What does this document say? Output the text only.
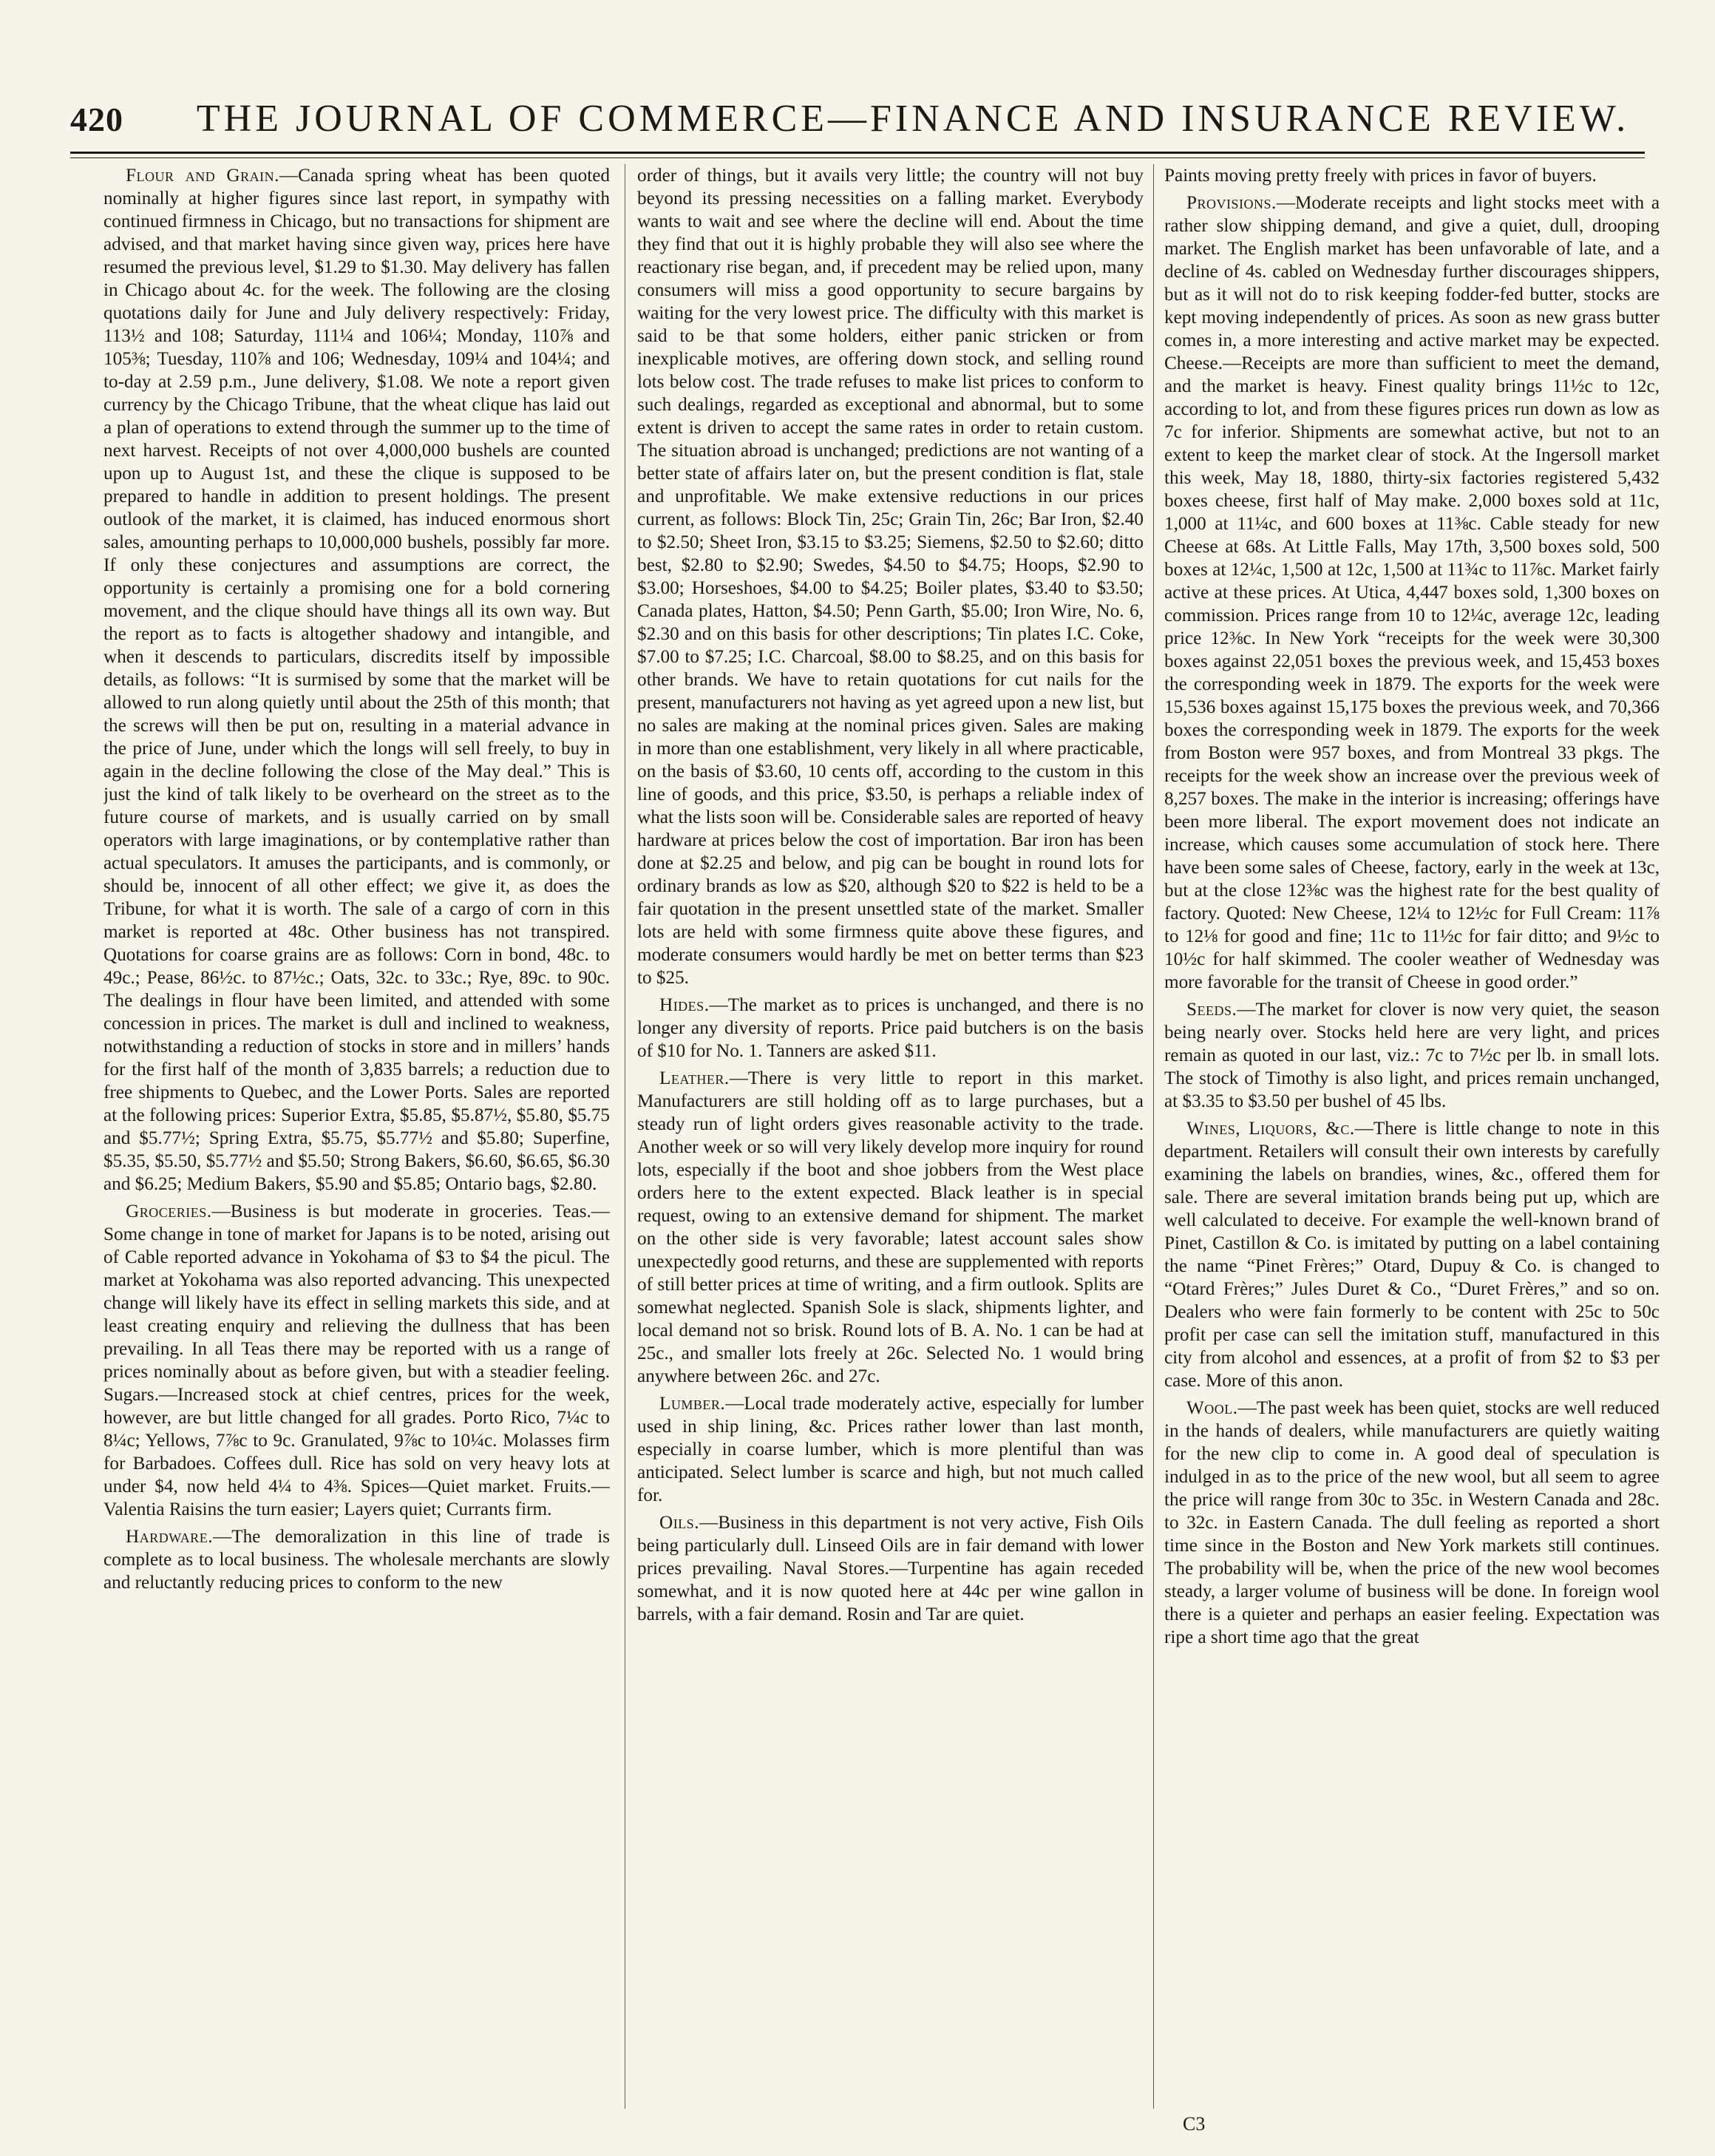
420	THE JOURNAL OF COMMERCE—FINANCE AND INSURANCE REVIEW.

Flour and Grain.—Canada spring wheat has been quoted nominally at higher figures since last report, in sympathy with continued firmness in Chicago, but no transactions for shipment are advised, and that market having since given way, prices here have resumed the previous level, $1.29 to $1.30. May delivery has fallen in Chicago about 4c. for the week. The following are the closing quotations daily for June and July delivery respectively: Friday, 113½ and 108; Saturday, 111¼ and 106¼; Monday, 110⅞ and 105⅜; Tuesday, 110⅞ and 106; Wednesday, 109¼ and 104¼; and to-day at 2.59 p.m., June delivery, $1.08. We note a report given currency by the Chicago Tribune, that the wheat clique has laid out a plan of operations to extend through the summer up to the time of next harvest. Receipts of not over 4,000,000 bushels are counted upon up to August 1st, and these the clique is supposed to be prepared to handle in addition to present holdings. The present outlook of the market, it is claimed, has induced enormous short sales, amounting perhaps to 10,000,000 bushels, possibly far more. If only these conjectures and assumptions are correct, the opportunity is certainly a promising one for a bold cornering movement, and the clique should have things all its own way. But the report as to facts is altogether shadowy and intangible, and when it descends to particulars, discredits itself by impossible details, as follows: “It is surmised by some that the market will be allowed to run along quietly until about the 25th of this month; that the screws will then be put on, resulting in a material advance in the price of June, under which the longs will sell freely, to buy in again in the decline following the close of the May deal.” This is just the kind of talk likely to be overheard on the street as to the future course of markets, and is usually carried on by small operators with large imaginations, or by contemplative rather than actual speculators. It amuses the participants, and is commonly, or should be, innocent of all other effect; we give it, as does the Tribune, for what it is worth. The sale of a cargo of corn in this market is reported at 48c. Other business has not transpired. Quotations for coarse grains are as follows: Corn in bond, 48c. to 49c.; Pease, 86½c. to 87½c.; Oats, 32c. to 33c.; Rye, 89c. to 90c. The dealings in flour have been limited, and attended with some concession in prices. The market is dull and inclined to weakness, notwithstanding a reduction of stocks in store and in millers’ hands for the first half of the month of 3,835 barrels; a reduction due to free shipments to Quebec, and the Lower Ports. Sales are reported at the following prices: Superior Extra, $5.85, $5.87½, $5.80, $5.75 and $5.77½; Spring Extra, $5.75, $5.77½ and $5.80; Superfine, $5.35, $5.50, $5.77½ and $5.50; Strong Bakers, $6.60, $6.65, $6.30 and $6.25; Medium Bakers, $5.90 and $5.85; Ontario bags, $2.80.

Groceries.—Business is but moderate in groceries. Teas.—Some change in tone of market for Japans is to be noted, arising out of Cable reported advance in Yokohama of $3 to $4 the picul. The market at Yokohama was also reported advancing. This unexpected change will likely have its effect in selling markets this side, and at least creating enquiry and relieving the dullness that has been prevailing. In all Teas there may be reported with us a range of prices nominally about as before given, but with a steadier feeling. Sugars.—Increased stock at chief centres, prices for the week, however, are but little changed for all grades. Porto Rico, 7¼c to 8¼c; Yellows, 7⅞c to 9c. Granulated, 9⅞c to 10¼c. Molasses firm for Barbadoes. Coffees dull. Rice has sold on very heavy lots at under $4, now held 4¼ to 4⅜. Spices—Quiet market. Fruits.—Valentia Raisins the turn easier; Layers quiet; Currants firm.

Hardware.—The demoralization in this line of trade is complete as to local business. The wholesale merchants are slowly and reluctantly reducing prices to conform to the new

order of things, but it avails very little; the country will not buy beyond its pressing necessities on a falling market. Everybody wants to wait and see where the decline will end. About the time they find that out it is highly probable they will also see where the reactionary rise began, and, if precedent may be relied upon, many consumers will miss a good opportunity to secure bargains by waiting for the very lowest price. The difficulty with this market is said to be that some holders, either panic stricken or from inexplicable motives, are offering down stock, and selling round lots below cost. The trade refuses to make list prices to conform to such dealings, regarded as exceptional and abnormal, but to some extent is driven to accept the same rates in order to retain custom. The situation abroad is unchanged; predictions are not wanting of a better state of affairs later on, but the present condition is flat, stale and unprofitable. We make extensive reductions in our prices current, as follows: Block Tin, 25c; Grain Tin, 26c; Bar Iron, $2.40 to $2.50; Sheet Iron, $3.15 to $3.25; Siemens, $2.50 to $2.60; ditto best, $2.80 to $2.90; Swedes, $4.50 to $4.75; Hoops, $2.90 to $3.00; Horseshoes, $4.00 to $4.25; Boiler plates, $3.40 to $3.50; Canada plates, Hatton, $4.50; Penn Garth, $5.00; Iron Wire, No. 6, $2.30 and on this basis for other descriptions; Tin plates I.C. Coke, $7.00 to $7.25; I.C. Charcoal, $8.00 to $8.25, and on this basis for other brands. We have to retain quotations for cut nails for the present, manufacturers not having as yet agreed upon a new list, but no sales are making at the nominal prices given. Sales are making in more than one establishment, very likely in all where practicable, on the basis of $3.60, 10 cents off, according to the custom in this line of goods, and this price, $3.50, is perhaps a reliable index of what the lists soon will be. Considerable sales are reported of heavy hardware at prices below the cost of importation. Bar iron has been done at $2.25 and below, and pig can be bought in round lots for ordinary brands as low as $20, although $20 to $22 is held to be a fair quotation in the present unsettled state of the market. Smaller lots are held with some firmness quite above these figures, and moderate consumers would hardly be met on better terms than $23 to $25.

Hides.—The market as to prices is unchanged, and there is no longer any diversity of reports. Price paid butchers is on the basis of $10 for No. 1. Tanners are asked $11.

Leather.—There is very little to report in this market. Manufacturers are still holding off as to large purchases, but a steady run of light orders gives reasonable activity to the trade. Another week or so will very likely develop more inquiry for round lots, especially if the boot and shoe jobbers from the West place orders here to the extent expected. Black leather is in special request, owing to an extensive demand for shipment. The market on the other side is very favorable; latest account sales show unexpectedly good returns, and these are supplemented with reports of still better prices at time of writing, and a firm outlook. Splits are somewhat neglected. Spanish Sole is slack, shipments lighter, and local demand not so brisk. Round lots of B. A. No. 1 can be had at 25c., and smaller lots freely at 26c. Selected No. 1 would bring anywhere between 26c. and 27c.

Lumber.—Local trade moderately active, especially for lumber used in ship lining, &c. Prices rather lower than last month, especially in coarse lumber, which is more plentiful than was anticipated. Select lumber is scarce and high, but not much called for.

Oils.—Business in this department is not very active, Fish Oils being particularly dull. Linseed Oils are in fair demand with lower prices prevailing. Naval Stores.—Turpentine has again receded somewhat, and it is now quoted here at 44c per wine gallon in barrels, with a fair demand. Rosin and Tar are quiet.

Paints moving pretty freely with prices in favor of buyers.

Provisions.—Moderate receipts and light stocks meet with a rather slow shipping demand, and give a quiet, dull, drooping market. The English market has been unfavorable of late, and a decline of 4s. cabled on Wednesday further discourages shippers, but as it will not do to risk keeping fodder-fed butter, stocks are kept moving independently of prices. As soon as new grass butter comes in, a more interesting and active market may be expected. Cheese.—Receipts are more than sufficient to meet the demand, and the market is heavy. Finest quality brings 11½c to 12c, according to lot, and from these figures prices run down as low as 7c for inferior. Shipments are somewhat active, but not to an extent to keep the market clear of stock. At the Ingersoll market this week, May 18, 1880, thirty-six factories registered 5,432 boxes cheese, first half of May make. 2,000 boxes sold at 11c, 1,000 at 11¼c, and 600 boxes at 11⅜c. Cable steady for new Cheese at 68s. At Little Falls, May 17th, 3,500 boxes sold, 500 boxes at 12¼c, 1,500 at 12c, 1,500 at 11¾c to 11⅞c. Market fairly active at these prices. At Utica, 4,447 boxes sold, 1,300 boxes on commission. Prices range from 10 to 12¼c, average 12c, leading price 12⅜c. In New York “receipts for the week were 30,300 boxes against 22,051 boxes the previous week, and 15,453 boxes the corresponding week in 1879. The exports for the week were 15,536 boxes against 15,175 boxes the previous week, and 70,366 boxes the corresponding week in 1879. The exports for the week from Boston were 957 boxes, and from Montreal 33 pkgs. The receipts for the week show an increase over the previous week of 8,257 boxes. The make in the interior is increasing; offerings have been more liberal. The export movement does not indicate an increase, which causes some accumulation of stock here. There have been some sales of Cheese, factory, early in the week at 13c, but at the close 12⅜c was the highest rate for the best quality of factory. Quoted: New Cheese, 12¼ to 12½c for Full Cream: 11⅞ to 12⅛ for good and fine; 11c to 11½c for fair ditto; and 9½c to 10½c for half skimmed. The cooler weather of Wednesday was more favorable for the transit of Cheese in good order.”

Seeds.—The market for clover is now very quiet, the season being nearly over. Stocks held here are very light, and prices remain as quoted in our last, viz.: 7c to 7½c per lb. in small lots. The stock of Timothy is also light, and prices remain unchanged, at $3.35 to $3.50 per bushel of 45 lbs.

Wines, Liquors, &c.—There is little change to note in this department. Retailers will consult their own interests by carefully examining the labels on brandies, wines, &c., offered them for sale. There are several imitation brands being put up, which are well calculated to deceive. For example the well-known brand of Pinet, Castillon & Co. is imitated by putting on a label containing the name “Pinet Frères;” Otard, Dupuy & Co. is changed to “Otard Frères;” Jules Duret & Co., “Duret Frères,” and so on. Dealers who were fain formerly to be content with 25c to 50c profit per case can sell the imitation stuff, manufactured in this city from alcohol and essences, at a profit of from $2 to $3 per case. More of this anon.

Wool.—The past week has been quiet, stocks are well reduced in the hands of dealers, while manufacturers are quietly waiting for the new clip to come in. A good deal of speculation is indulged in as to the price of the new wool, but all seem to agree the price will range from 30c to 35c. in Western Canada and 28c. to 32c. in Eastern Canada. The dull feeling as reported a short time since in the Boston and New York markets still continues. The probability will be, when the price of the new wool becomes steady, a larger volume of business will be done. In foreign wool there is a quieter and perhaps an easier feeling. Expectation was ripe a short time ago that the great

C3
